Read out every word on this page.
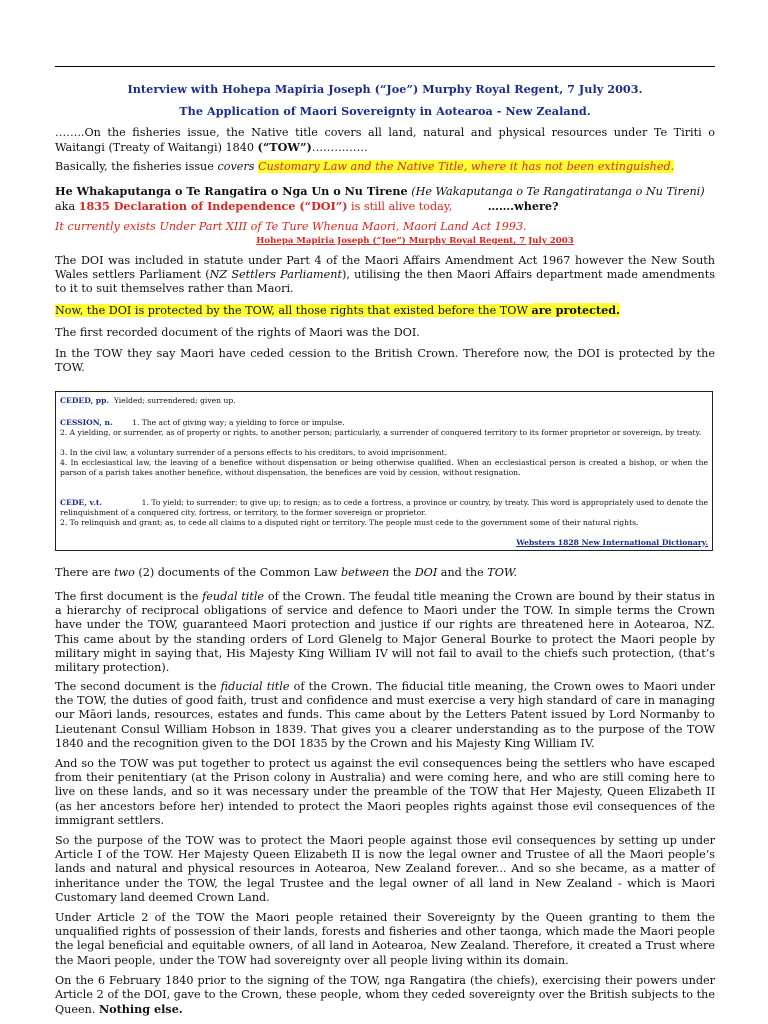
Interview with Hohepa Mapiria Joseph (“Joe”) Murphy Royal Regent, 7 July 2003.
The Application of Maori Sovereignty in Aotearoa - New Zealand.
……..On the fisheries issue, the Native title covers all land, natural and physical resources under Te Tiriti o Waitangi (Treaty of Waitangi) 1840 (“TOW”)……………
Basically, the fisheries issue covers Customary Law and the Native Title, where it has not been extinguished.
He Whakaputanga o Te Rangatira o Nga Un o Nu Tirene (He Wakaputanga o Te Rangatiratanga o Nu Tireni)
aka 1835 Declaration of Independence (“DOI”) is still alive today,	…….where?
It currently exists Under Part XIII of Te Ture Whenua Maori, Maori Land Act 1993.
Hohepa Mapiria Joseph (“Joe”) Murphy Royal Regent, 7 July 2003
The DOI was included in statute under Part 4 of the Maori Affairs Amendment Act 1967 however the New South Wales settlers Parliament (NZ Settlers Parliament), utilising the then Maori Affairs department made amendments to it to suit themselves rather than Maori.
Now, the DOI is protected by the TOW, all those rights that existed before the TOW are protected.
The first recorded document of the rights of Maori was the DOI.
In the TOW they say Maori have ceded cession to the British Crown. Therefore now, the DOI is protected by the TOW.
CEDED, pp. Yielded; surrendered; given up.
CESSION, n.	1. The act of giving way; a yielding to force or impulse.
2. A yielding, or surrender, as of property or rights, to another person; particularly, a surrender of conquered territory to its former proprietor or sovereign, by treaty.
3. In the civil law, a voluntary surrender of a persons effects to his creditors, to avoid imprisonment.
4. In ecclesiastical law, the leaving of a benefice without dispensation or being otherwise qualified. When an ecclesiastical person is created a bishop, or when the parson of a parish takes another benefice, without dispensation, the benefices are void by cession, without resignation.
CEDE, v.t.	1. To yield; to surrender; to give up; to resign; as to cede a fortress, a province or country, by treaty. This word is appropriately used to denote the relinquishment of a conquered city, fortress, or territory, to the former sovereign or proprietor.
2. To relinquish and grant; as, to cede all claims to a disputed right or territory. The people must cede to the government some of their natural rights.
Websters 1828 New International Dictionary.
There are two (2) documents of the Common Law between the DOI and the TOW.
The first document is the feudal title of the Crown. The feudal title meaning the Crown are bound by their status in a hierarchy of reciprocal obligations of service and defence to Maori under the TOW. In simple terms the Crown have under the TOW, guaranteed Maori protection and justice if our rights are threatened here in Aotearoa, NZ. This came about by the standing orders of Lord Glenelg to Major General Bourke to protect the Maori people by military might in saying that, His Majesty King William IV will not fail to avail to the chiefs such protection, (that’s military protection).
The second document is the fiducial title of the Crown. The fiducial title meaning, the Crown owes to Maori under the TOW, the duties of good faith, trust and confidence and must exercise a very high standard of care in managing our Māori lands, resources, estates and funds. This came about by the Letters Patent issued by Lord Normanby to Lieutenant Consul William Hobson in 1839. That gives you a clearer understanding as to the purpose of the TOW 1840 and the recognition given to the DOI 1835 by the Crown and his Majesty King William IV.
And so the TOW was put together to protect us against the evil consequences being the settlers who have escaped from their penitentiary (at the Prison colony in Australia) and were coming here, and who are still coming here to live on these lands, and so it was necessary under the preamble of the TOW that Her Majesty, Queen Elizabeth II (as her ancestors before her) intended to protect the Maori peoples rights against those evil consequences of the immigrant settlers.
So the purpose of the TOW was to protect the Maori people against those evil consequences by setting up under Article I of the TOW. Her Majesty Queen Elizabeth II is now the legal owner and Trustee of all the Maori people’s lands and natural and physical resources in Aotearoa, New Zealand forever... And so she became, as a matter of inheritance under the TOW, the legal Trustee and the legal owner of all land in New Zealand - which is Maori Customary land deemed Crown Land.
Under Article 2 of the TOW the Maori people retained their Sovereignty by the Queen granting to them the unqualified rights of possession of their lands, forests and fisheries and other taonga, which made the Maori people the legal beneficial and equitable owners, of all land in Aotearoa, New Zealand. Therefore, it created a Trust where the Maori people, under the TOW had sovereignty over all people living within its domain.
On the 6 February 1840 prior to the signing of the TOW, nga Rangatira (the chiefs), exercising their powers under Article 2 of the DOI, gave to the Crown, these people, whom they ceded sovereignty over the British subjects to the Queen. Nothing else.
